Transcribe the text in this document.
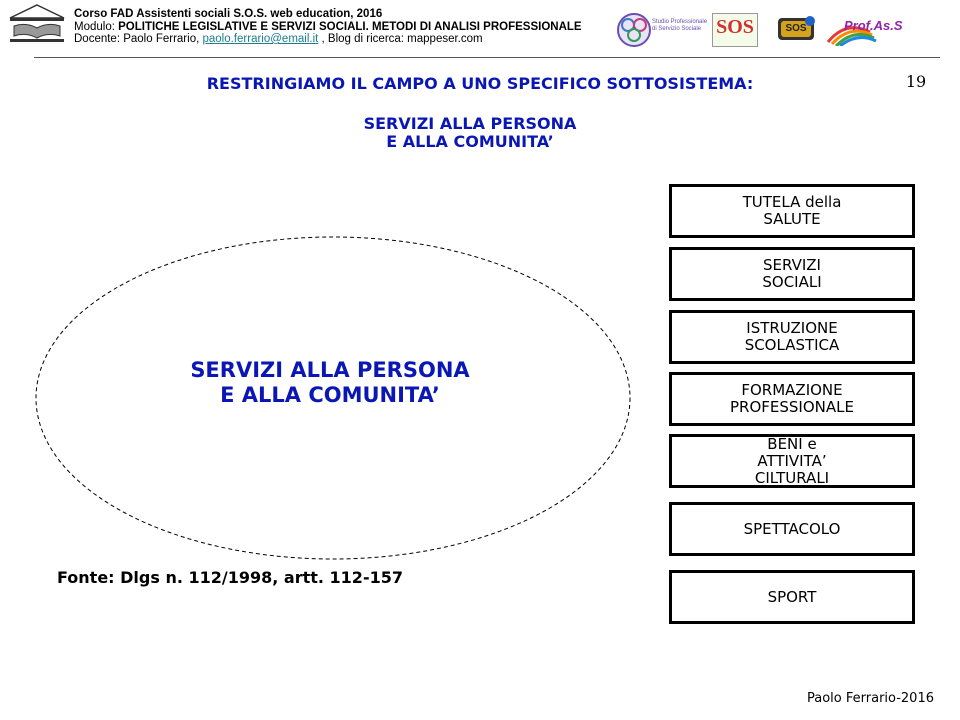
Corso FAD Assistenti sociali S.O.S. web education, 2016
Modulo: POLITICHE LEGISLATIVE E SERVIZI SOCIALI. METODI DI ANALISI PROFESSIONALE
Docente: Paolo Ferrario, paolo.ferrario@email.it , Blog di ricerca: mappeser.com
Studio Professionale
di Servizio Sociale SOS	SOS	Prof.As.S
19
RESTRINGIAMO IL CAMPO A UNO SPECIFICO SOTTOSISTEMA:
SERVIZI ALLA PERSONA
E ALLA COMUNITA’
SERVIZI ALLA PERSONA
E ALLA COMUNITA’
Fonte: Dlgs n. 112/1998, artt. 112-157
TUTELA della
SALUTE
SERVIZI
SOCIALI
ISTRUZIONE
SCOLASTICA
FORMAZIONE
PROFESSIONALE
BENI e
ATTIVITA’
CILTURALI
SPETTACOLO
SPORT
Paolo Ferrario-2016
